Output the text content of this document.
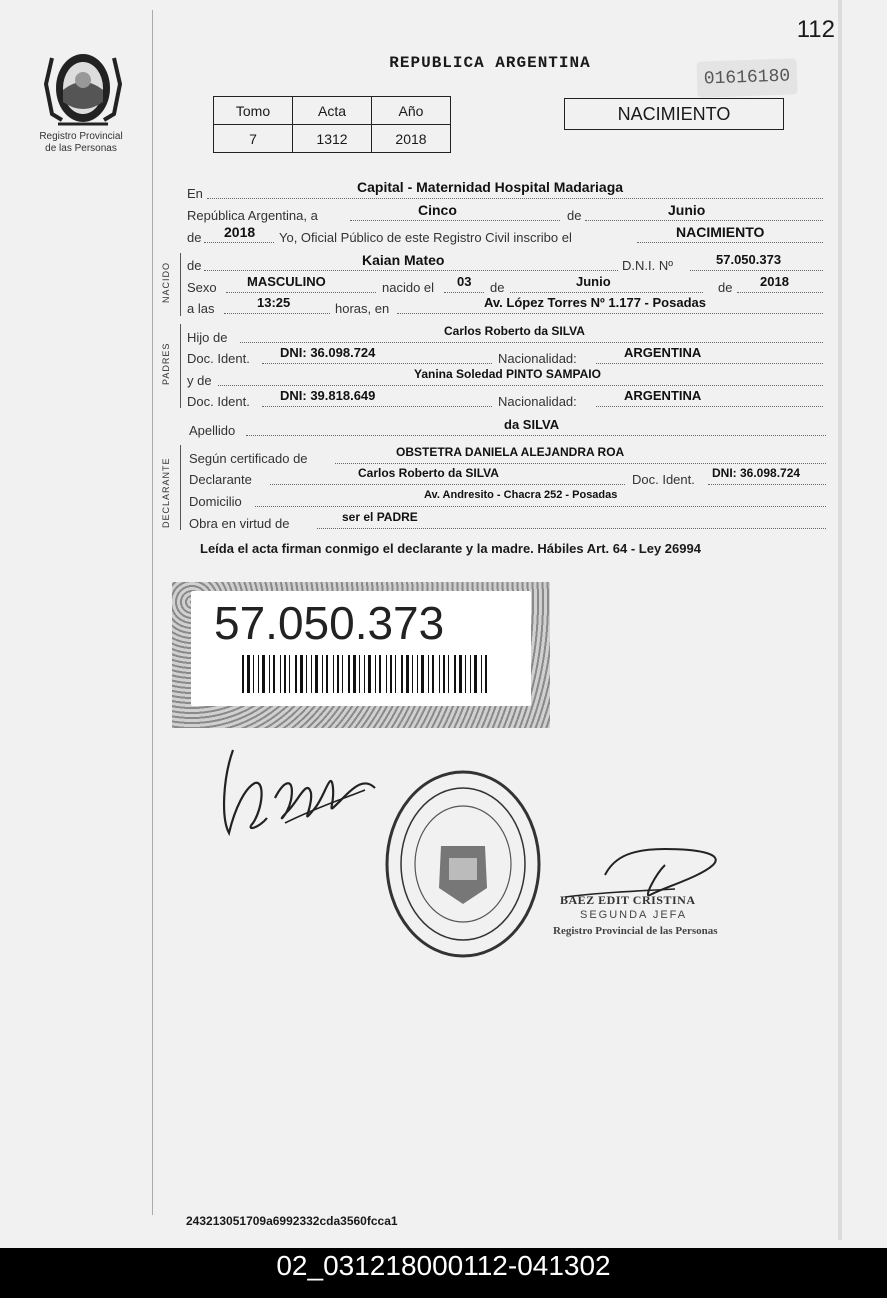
112
Registro Provincial
de las Personas
REPUBLICA ARGENTINA
01616180
Tomo	Acta	Año
7	1312	2018
NACIMIENTO
En	Capital - Maternidad Hospital Madariaga
República Argentina, a	Cinco	de	Junio
de 2018 Yo, Oficial Público de este Registro Civil inscribo el	NACIMIENTO
NACIDO de	Kaian Mateo	D.N.I. Nº	57.050.373
Sexo MASCULINO	nacido el 03 de	Junio	de 2018
a las	13:25	horas, en	Av. López Torres Nº 1.177 - Posadas
PADRES
Hijo de	Carlos Roberto da SILVA
Doc. Ident. DNI: 36.098.724	Nacionalidad:	ARGENTINA
y de	Yanina Soledad PINTO SAMPAIO
Doc. Ident. DNI: 39.818.649	Nacionalidad:	ARGENTINA
Apellido	da SILVA
DECLARANTE Según certificado de	OBSTETRA DANIELA ALEJANDRA ROA
Declarante	Carlos Roberto da SILVA	Doc. Ident. DNI: 36.098.724
Domicilio	Av. Andresito - Chacra 252 - Posadas
Obra en virtud de	ser el PADRE
Leída el acta firman conmigo el declarante y la madre. Hábiles Art. 64 - Ley 26994
57.050.373
BAEZ EDIT CRISTINA
SEGUNDA JEFA
Registro Provincial de las Personas
243213051709a6992332cda3560fcca1
02_031218000112-041302
